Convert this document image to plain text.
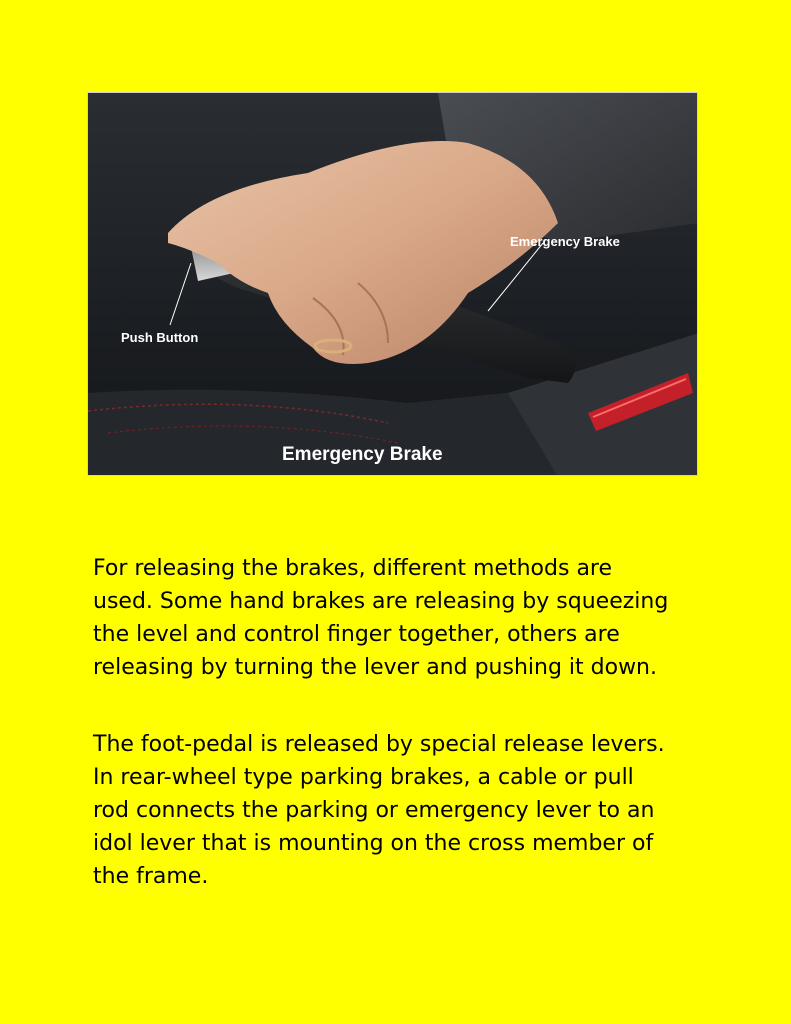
Emergency Brake
Push Button
Emergency Brake
For releasing the brakes, different methods are
used. Some hand brakes are releasing by squeezing
the level and control finger together, others are
releasing by turning the lever and pushing it down.
The foot-pedal is released by special release levers.
In rear-wheel type parking brakes, a cable or pull
rod connects the parking or emergency lever to an
idol lever that is mounting on the cross member of
the frame.
